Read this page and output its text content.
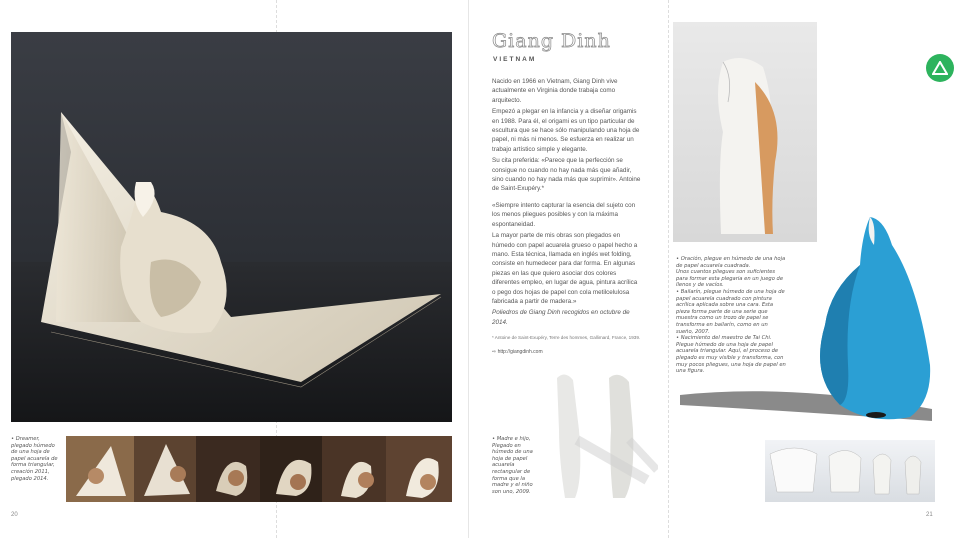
• Dreamer, plegado húmedo de una hoja de papel acuarela de forma triangular, creación 2011, plegado 2014.
20
Giang Dinh
VIETNAM

Nacido en 1966 en Vietnam, Giang Dinh vive actualmente en Virginia donde trabaja como arquitecto.

Empezó a plegar en la infancia y a diseñar origamis en 1988. Para él, el origami es un tipo particular de escultura que se hace sólo manipulando una hoja de papel, ni más ni menos. Se esfuerza en realizar un trabajo artístico simple y elegante.

Su cita preferida: «Parece que la perfección se consigue no cuando no hay nada más que añadir, sino cuando no hay nada más que suprimir». Antoine de Saint-Exupéry.*

«Siempre intento capturar la esencia del sujeto con los menos pliegues posibles y con la máxima espontaneidad.

La mayor parte de mis obras son plegados en húmedo con papel acuarela grueso o papel hecho a mano. Esta técnica, llamada en inglés wet folding, consiste en humedecer para dar forma. En algunas piezas en las que quiero asociar dos colores diferentes empleo, en lugar de agua, pintura acrílica o pego dos hojas de papel con cola metilcelulosa fabricada a partir de madera.»

Poliedros de Giang Dinh recogidos en octubre de 2014.

* Antoine de Saint-Exupéry, Terre des hommes, Gallimard, France, 1939.

⇨ http://giangdinh.com

• Madre e hijo, Plegado en húmedo de una hoja de papel acuarela rectangular de forma que la madre y el niño son uno, 2009.

• Oración, plegue en húmedo de una hoja de papel acuarela cuadrada.

Unos cuantos pliegues son suficientes para formar esta plegaria en un juego de llenos y de vacíos.

• Bailarín, plegue húmedo de una hoja de papel acuarela cuadrado con pintura acrílica aplicada sobre una cara. Esta pieza forma parte de una serie que muestra como un trozo de papel se transforma en bailarín, como en un sueño, 2007.

• Nacimiento del maestro de Tai Chi. Plegue húmedo de una hoja de papel acuarela triangular. Aquí, el proceso de plegado es muy visible y transforma, con muy pocos pliegues, una hoja de papel en una figura.

21
